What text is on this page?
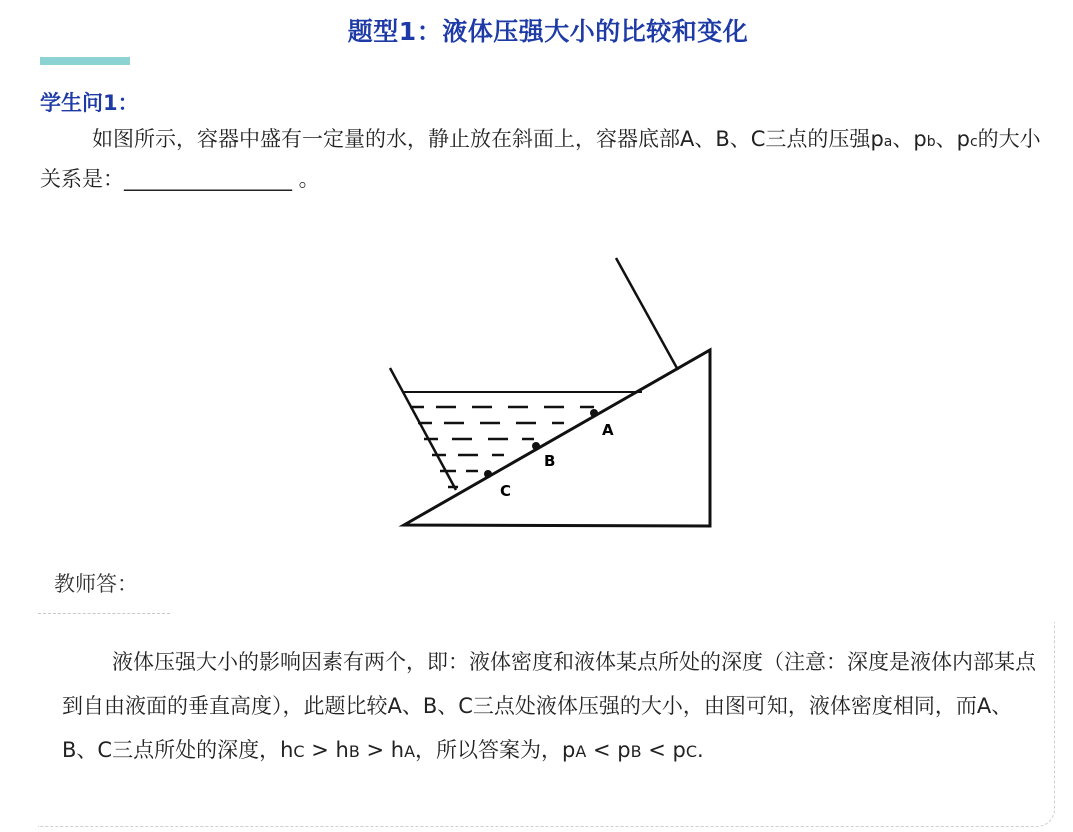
题型1：液体压强大小的比较和变化
学生问1：
如图所示，容器中盛有一定量的水，静止放在斜面上，容器底部A、B、C三点的压强pa、pb、pc的大小关系是：________________ 。
A
B
C
教师答：
液体压强大小的影响因素有两个，即：液体密度和液体某点所处的深度（注意：深度是液体内部某点到自由液面的垂直高度），此题比较A、B、C三点处液体压强的大小，由图可知，液体密度相同，而A、B、C三点所处的深度，hC > hB > hA，所以答案为，pA < pB < pC.
